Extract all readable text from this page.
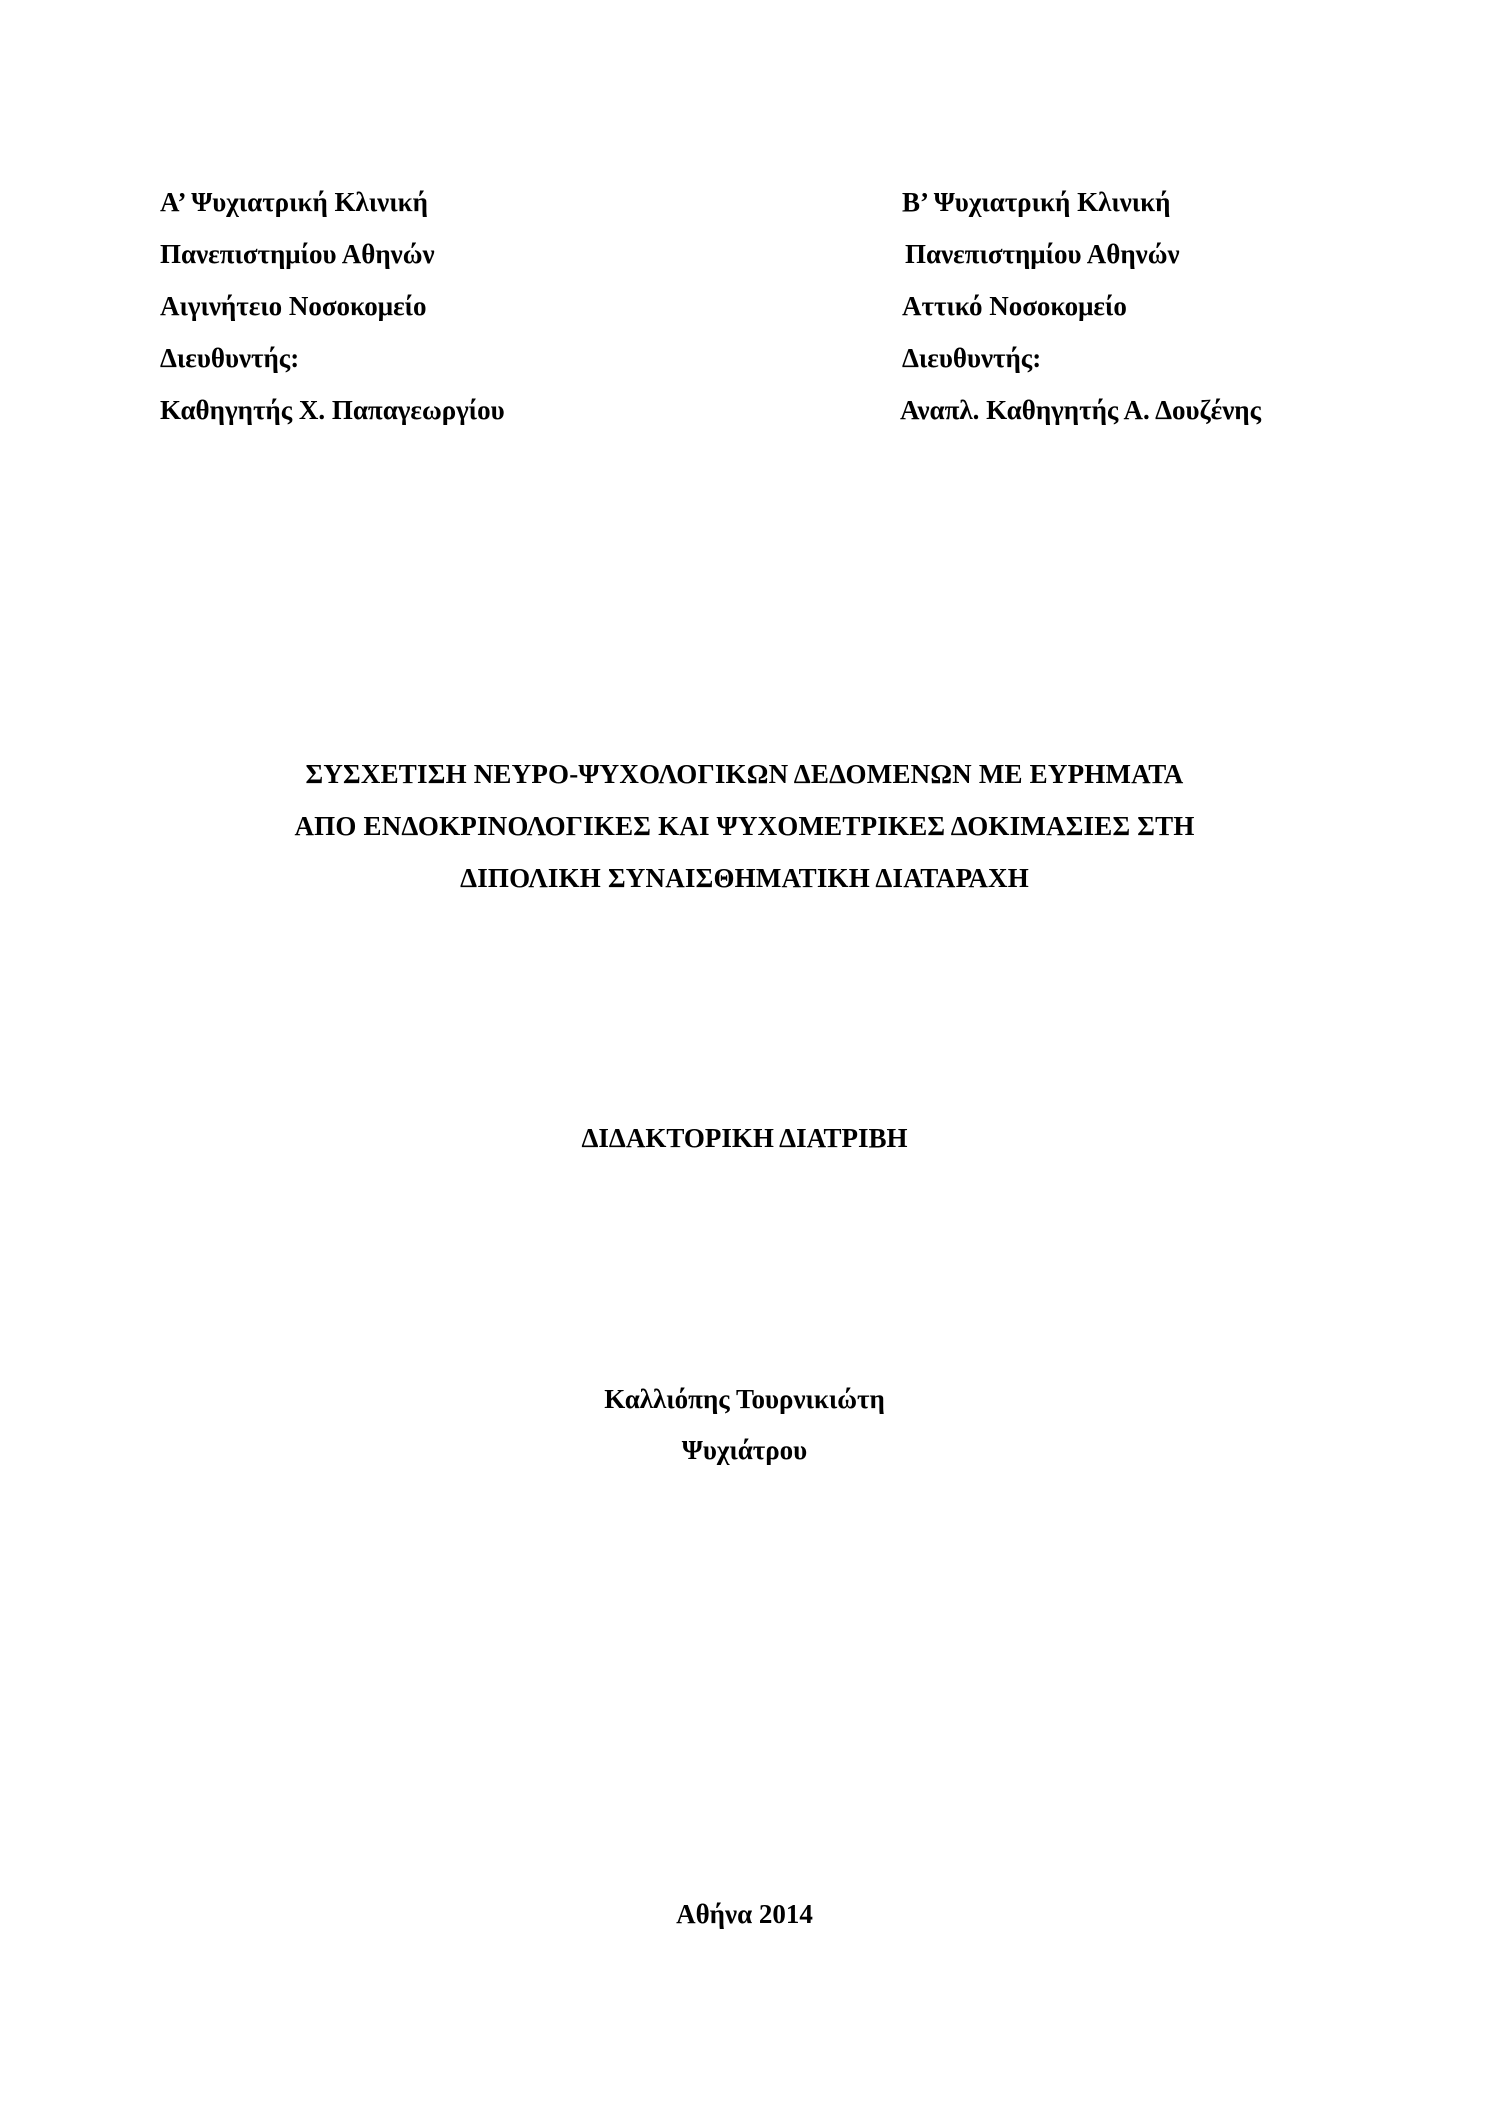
Α’ Ψυχιατρική Κλινική
Πανεπιστημίου Αθηνών
Αιγινήτειο Νοσοκομείο
Διευθυντής:
Καθηγητής Χ. Παπαγεωργίου
Β’ Ψυχιατρική Κλινική
Πανεπιστημίου Αθηνών
Αττικό Νοσοκομείο
Διευθυντής:
Αναπλ. Καθηγητής Α. Δουζένης
ΣΥΣΧΕΤΙΣΗ ΝΕΥΡΟ-ΨΥΧΟΛΟΓΙΚΩΝ ΔΕΔΟΜΕΝΩΝ ΜΕ ΕΥΡΗΜΑΤΑ
ΑΠΟ ΕΝΔΟΚΡΙΝΟΛΟΓΙΚΕΣ ΚΑΙ ΨΥΧΟΜΕΤΡΙΚΕΣ ΔΟΚΙΜΑΣΙΕΣ ΣΤΗ
ΔΙΠΟΛΙΚΗ ΣΥΝΑΙΣΘΗΜΑΤΙΚΗ ΔΙΑΤΑΡΑΧΗ
ΔΙΔΑΚΤΟΡΙΚΗ ΔΙΑΤΡΙΒΗ
Καλλιόπης Τουρνικιώτη
Ψυχιάτρου
Αθήνα 2014
